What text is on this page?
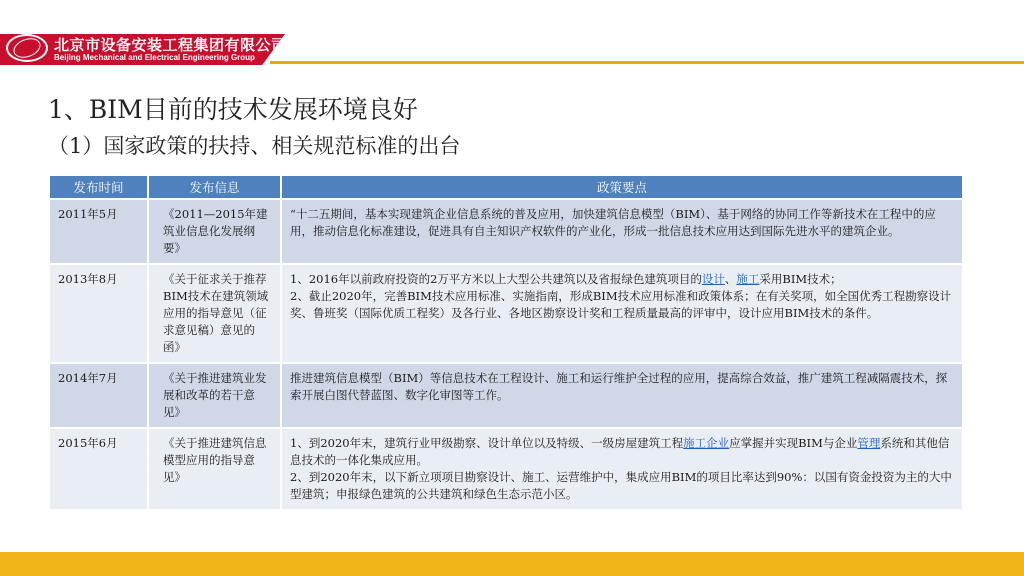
北京市设备安装工程集团有限公司
Beijing Mechanical and Electrical Engineering Group
1、BIM目前的技术发展环境良好
（1）国家政策的扶持、相关规范标准的出台
发布时间	发布信息	政策要点
2011年5月	《2011—2015年建筑业信息化发展纲要》	“十二五期间，基本实现建筑企业信息系统的普及应用，加快建筑信息模型（BIM）、基于网络的协同工作等新技术在工程中的应用，推动信息化标准建设，促进具有自主知识产权软件的产业化，形成一批信息技术应用达到国际先进水平的建筑企业。
2013年8月	《关于征求关于推荐BIM技术在建筑领域应用的指导意见（征求意见稿）意见的函》	1、2016年以前政府投资的2万平方米以上大型公共建筑以及省报绿色建筑项目的设计、施工采用BIM技术；
2、截止2020年，完善BIM技术应用标准、实施指南，形成BIM技术应用标准和政策体系；在有关奖项，如全国优秀工程勘察设计奖、鲁班奖（国际优质工程奖）及各行业、各地区勘察设计奖和工程质量最高的评审中，设计应用BIM技术的条件。

2014年7月	《关于推进建筑业发展和改革的若干意见》	推进建筑信息模型（BIM）等信息技术在工程设计、施工和运行维护全过程的应用，提高综合效益，推广建筑工程减隔震技术，探索开展白图代替蓝图、数字化审图等工作。
2015年6月	《关于推进建筑信息模型应用的指导意见》	1、到2020年末，建筑行业甲级勘察、设计单位以及特级、一级房屋建筑工程施工企业应掌握并实现BIM与企业管理系统和其他信息技术的一体化集成应用。
2、到2020年末，以下新立项项目勘察设计、施工、运营维护中，集成应用BIM的项目比率达到90%：以国有资金投资为主的大中型建筑；申报绿色建筑的公共建筑和绿色生态示范小区。
